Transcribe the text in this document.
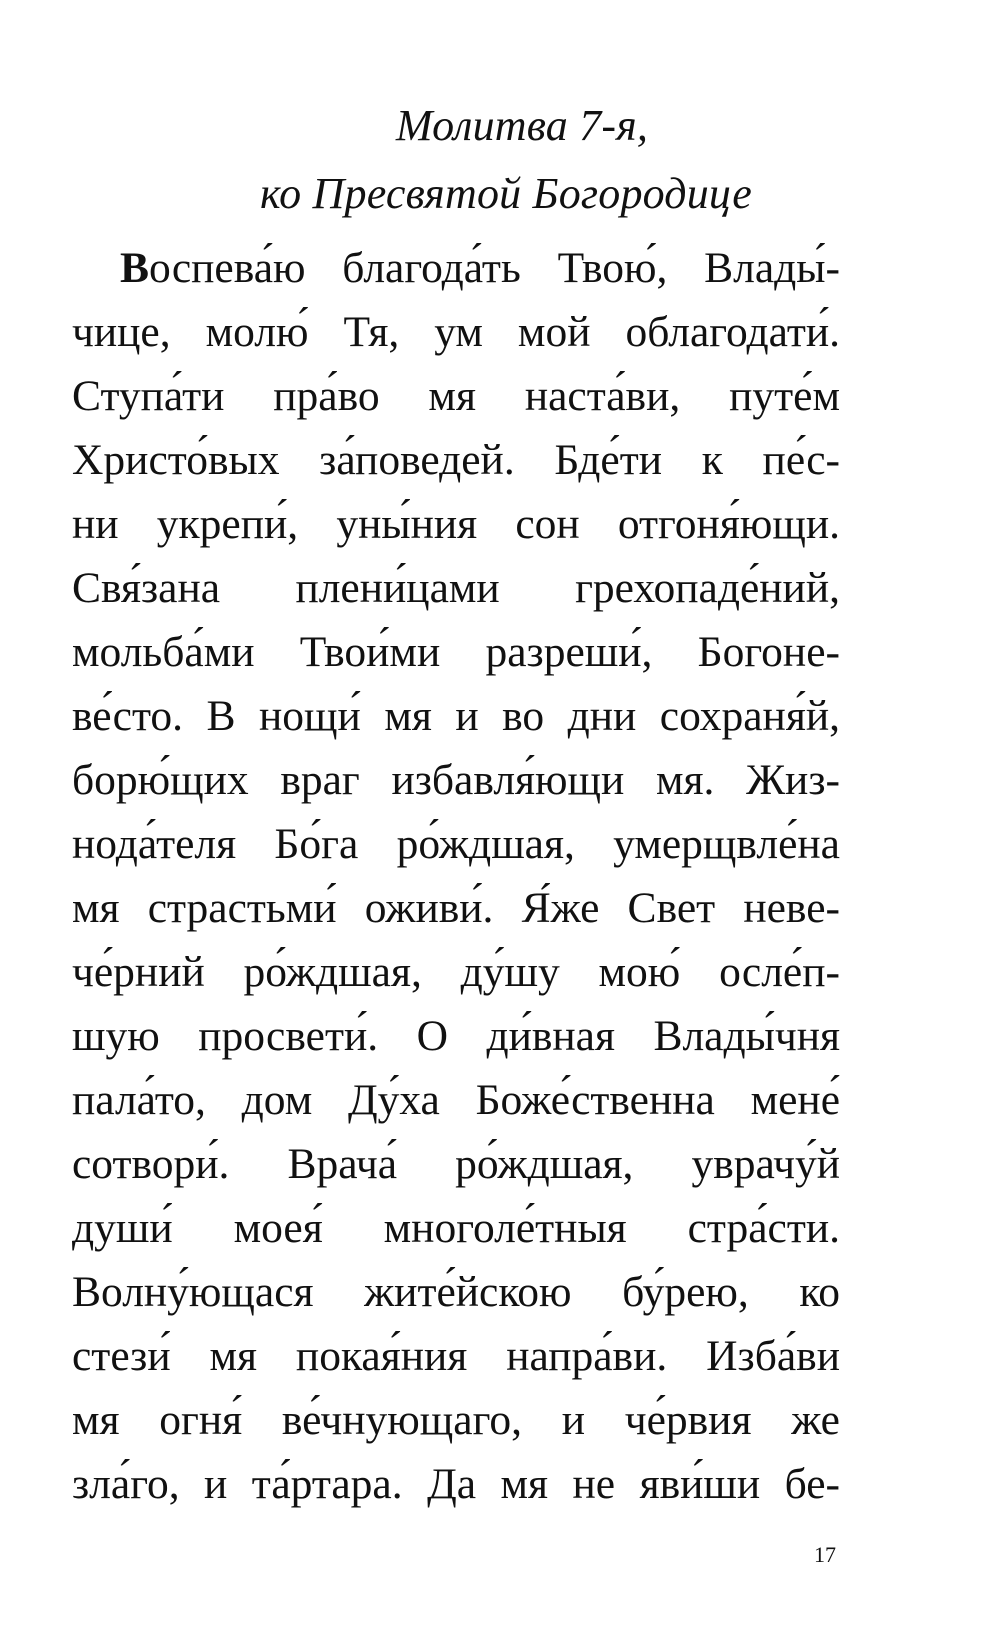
Молитва 7-я,
ко Пресвятой Богородице
Воспева́ю благода́ть Твою́, Влады́-
чице, молю́ Тя, ум мой облагодати́.
Ступа́ти пра́во мя наста́ви, путе́м
Христо́вых за́поведей. Бде́ти к пе́с-
ни укрепи́, уны́ния сон отгоня́ющи.
Свя́зана плени́цами грехопаде́ний,
мольба́ми Твои́ми разреши́, Богоне-
ве́сто. В нощи́ мя и во дни сохраня́й,
борю́щих враг избавля́ющи мя. Жиз-
нода́теля Бо́га ро́ждшая, умерщвле́на
мя страстьми́ оживи́. Я́же Свет неве-
че́рний ро́ждшая, ду́шу мою́ осле́п-
шую просвети́. О ди́вная Влады́чня
пала́то, дом Ду́ха Боже́ственна мене́
сотвори́. Врача́ ро́ждшая, уврачу́й
души́ моея́ многоле́тныя стра́сти.
Волну́ющася жите́йскою бу́рею, ко
стези́ мя покая́ния напра́ви. Изба́ви
мя огня́ ве́чнующаго, и че́рвия же
зла́го, и та́ртара. Да мя не яви́ши бе-
17
